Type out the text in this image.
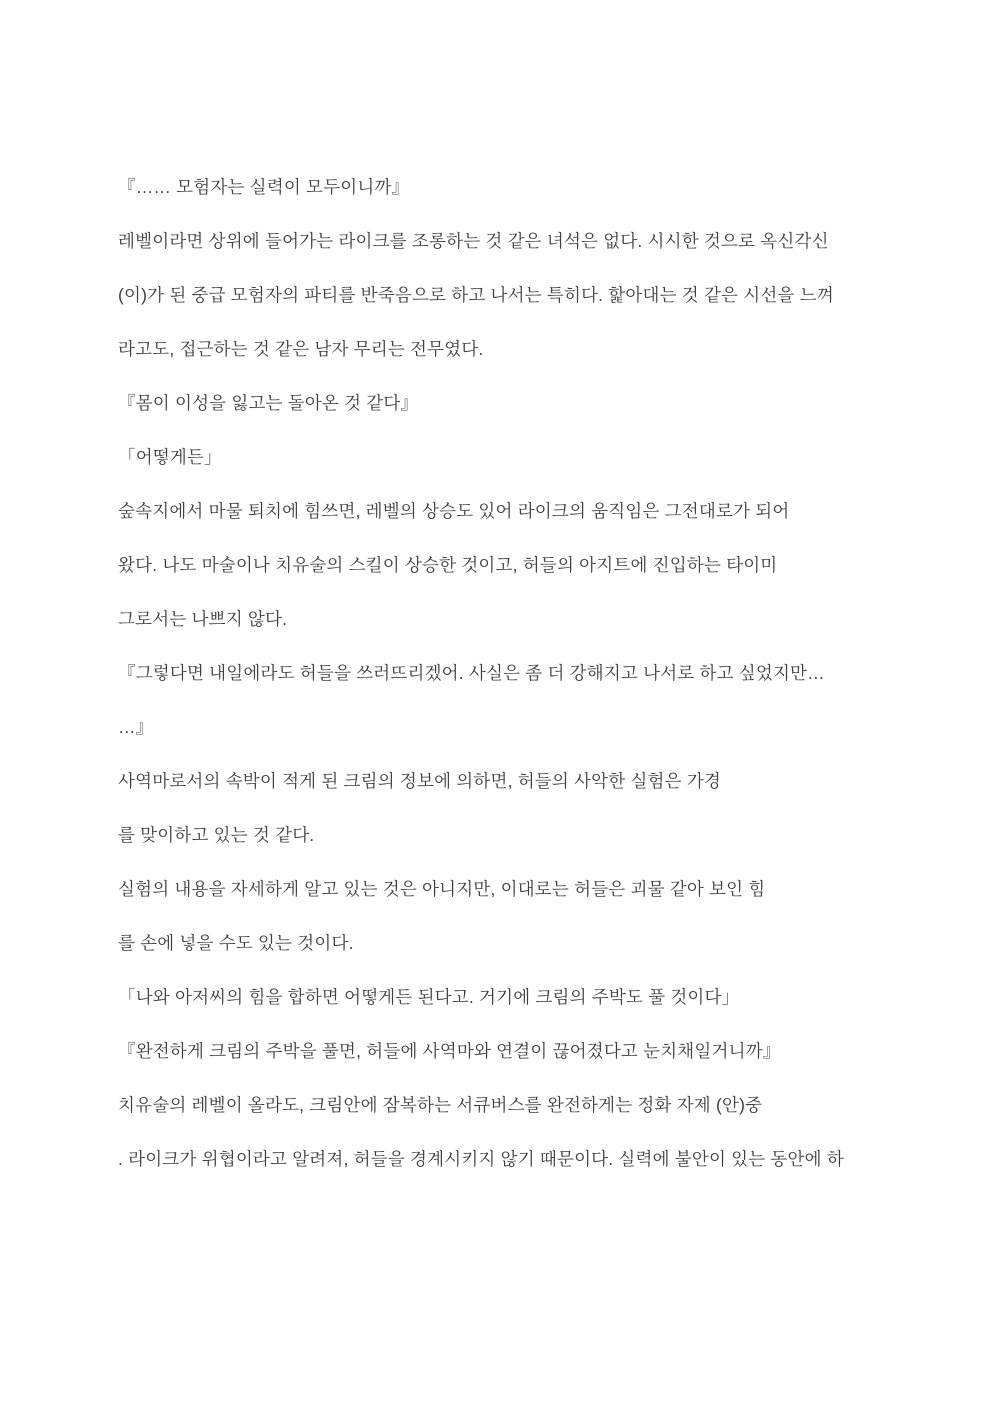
『…… 모험자는 실력이 모두이니까』

레벨이라면 상위에 들어가는 라이크를 조롱하는 것 같은 녀석은 없다. 시시한 것으로 옥신각신

(이)가 된 중급 모험자의 파티를 반죽음으로 하고 나서는 특히다. 핥아대는 것 같은 시선을 느껴

라고도, 접근하는 것 같은 남자 무리는 전무였다.

『몸이 이성을 잃고는 돌아온 것 같다』

「어떻게든」

숲속지에서 마물 퇴치에 힘쓰면, 레벨의 상승도 있어 라이크의 움직임은 그전대로가 되어

왔다. 나도 마술이나 치유술의 스킬이 상승한 것이고, 허들의 아지트에 진입하는 타이미

그로서는 나쁘지 않다.

『그렇다면 내일에라도 허들을 쓰러뜨리겠어. 사실은 좀 더 강해지고 나서로 하고 싶었지만…

…』

사역마로서의 속박이 적게 된 크림의 정보에 의하면, 허들의 사악한 실험은 가경

를 맞이하고 있는 것 같다.

실험의 내용을 자세하게 알고 있는 것은 아니지만, 이대로는 허들은 괴물 같아 보인 힘

를 손에 넣을 수도 있는 것이다.

「나와 아저씨의 힘을 합하면 어떻게든 된다고. 거기에 크림의 주박도 풀 것이다」

『완전하게 크림의 주박을 풀면, 허들에 사역마와 연결이 끊어졌다고 눈치채일거니까』

치유술의 레벨이 올라도, 크림안에 잠복하는 서큐버스를 완전하게는 정화 자제 (안)중

. 라이크가 위협이라고 알려져, 허들을 경계시키지 않기 때문이다. 실력에 불안이 있는 동안에 하
